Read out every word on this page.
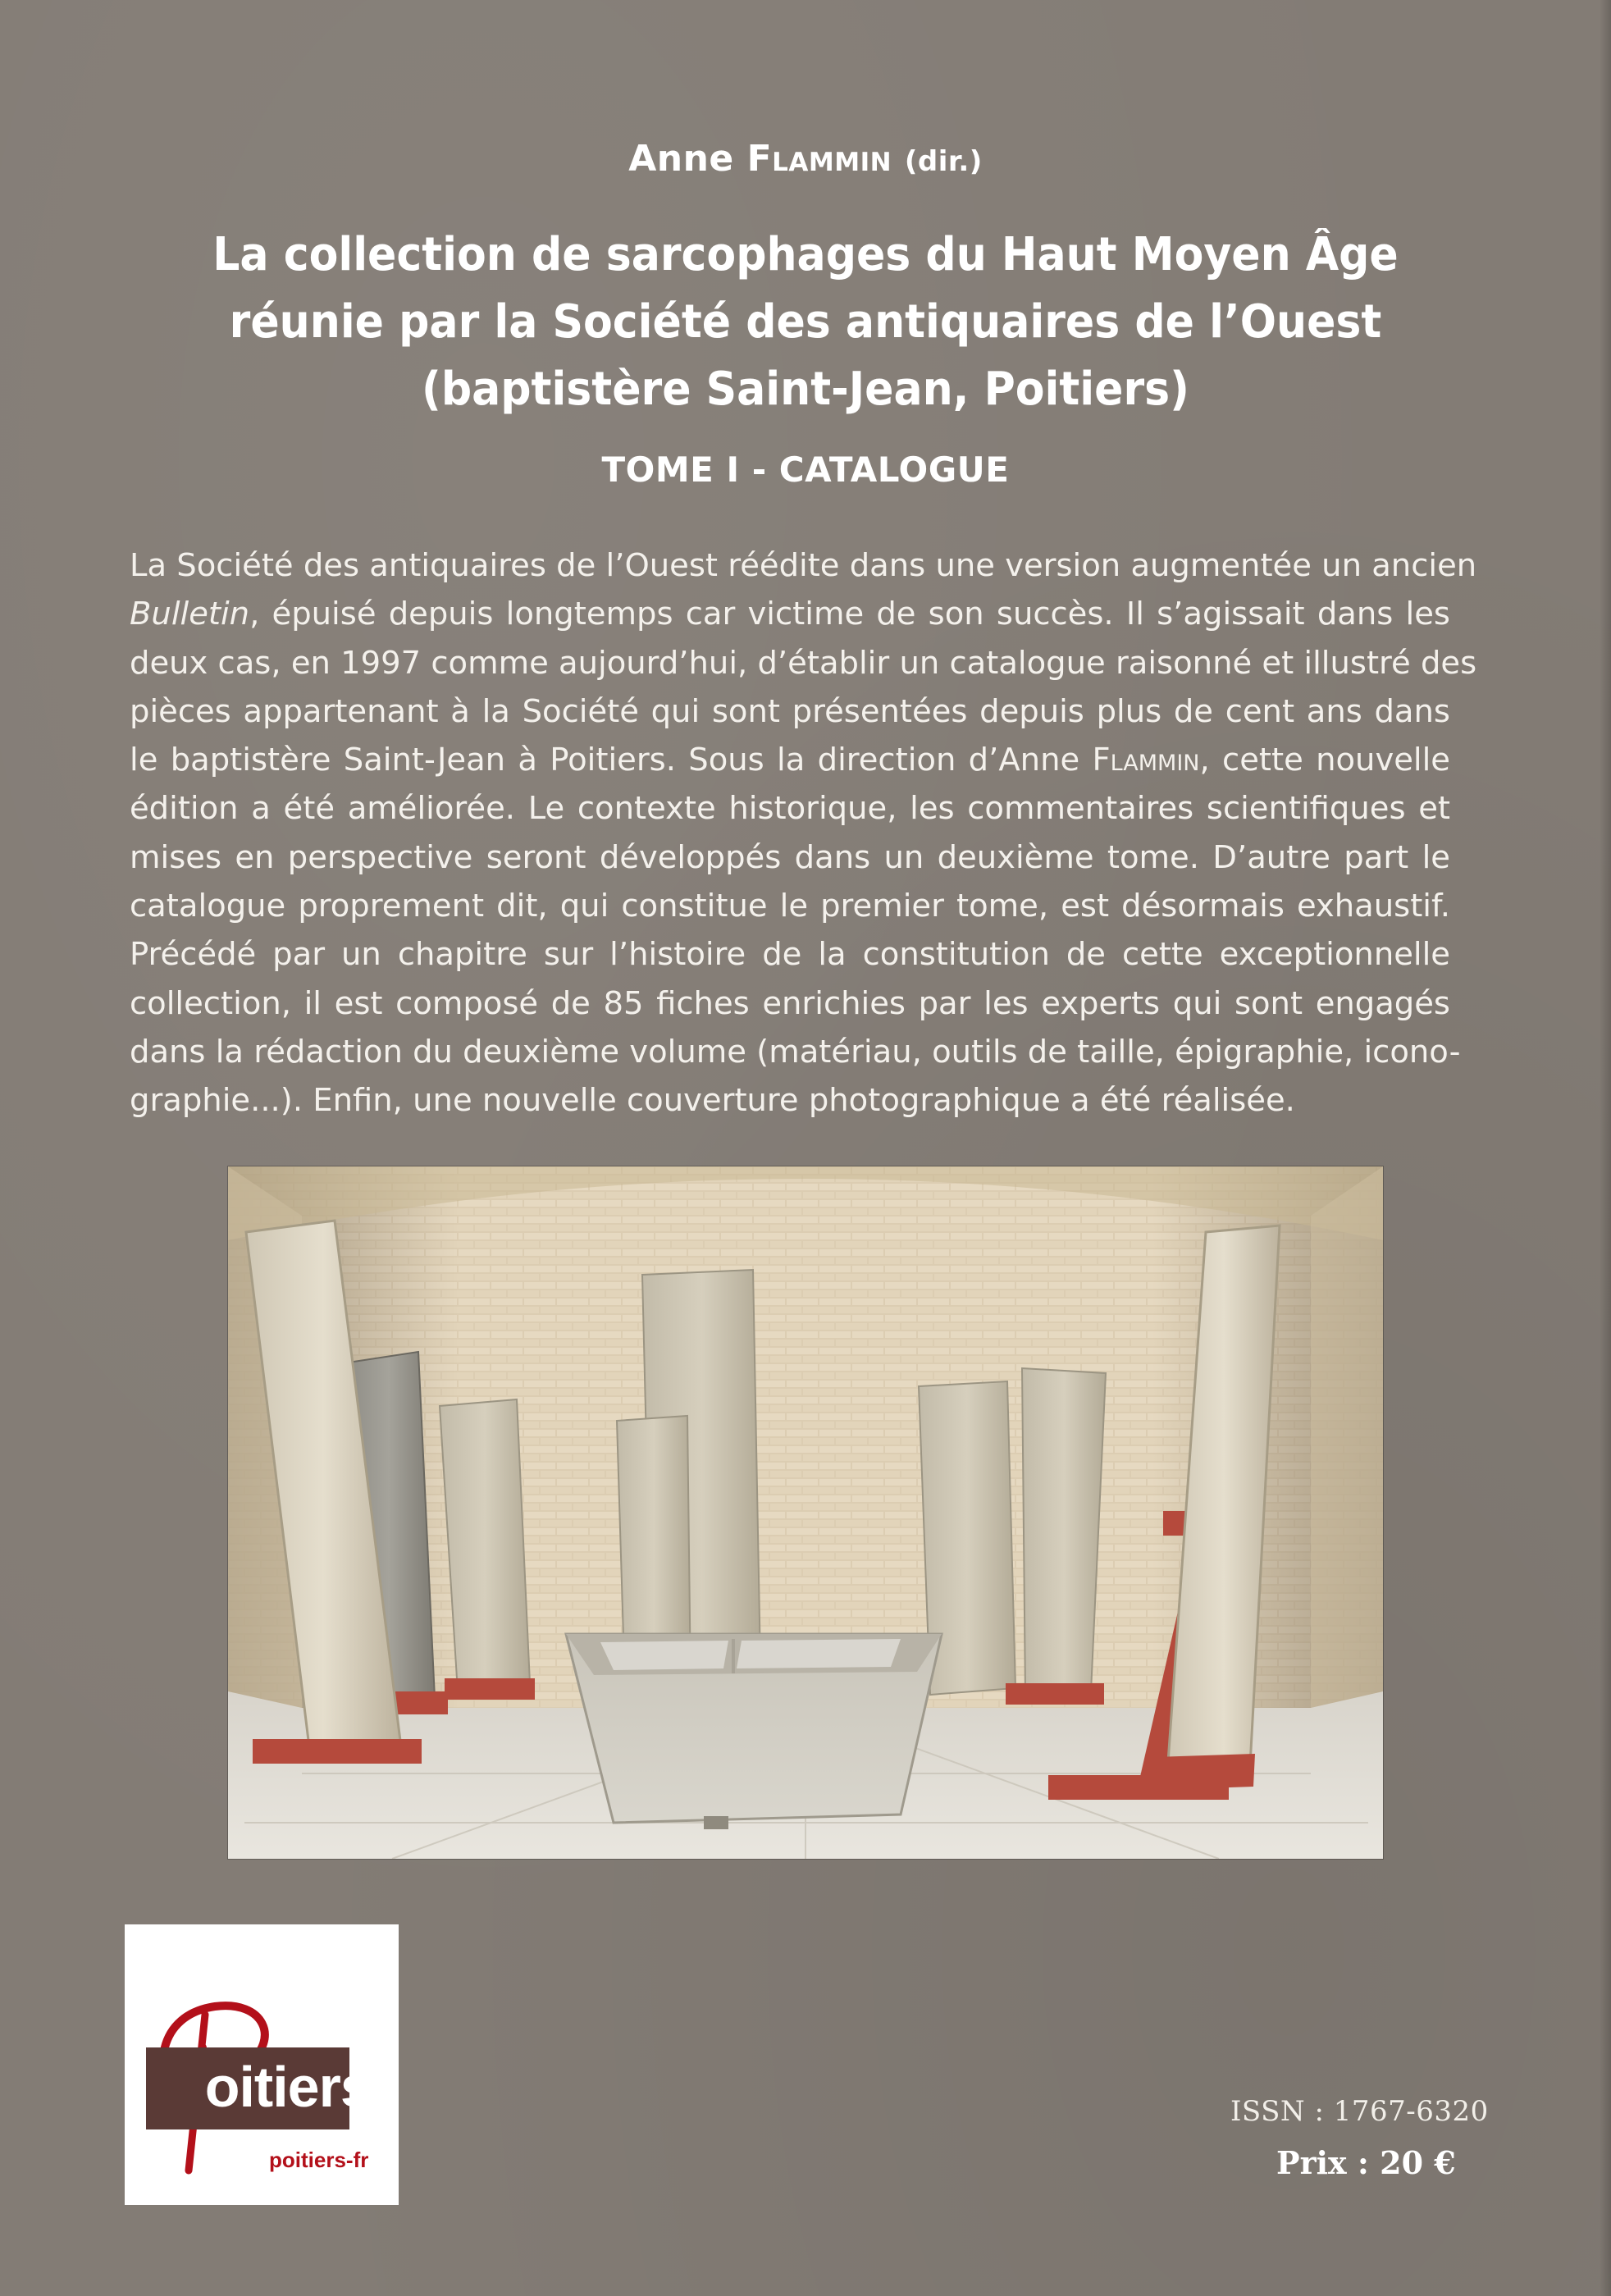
Anne Flammin (dir.)
La collection de sarcophages du Haut Moyen Âge
réunie par la Société des antiquaires de l’Ouest
(baptistère Saint-Jean, Poitiers)
TOME I - CATALOGUE
La Société des antiquaires de l’Ouest réédite dans une version augmentée un ancien
Bulletin, épuisé depuis longtemps car victime de son succès. Il s’agissait dans les
deux cas, en 1997 comme aujourd’hui, d’établir un catalogue raisonné et illustré des
pièces appartenant à la Société qui sont présentées depuis plus de cent ans dans
le baptistère Saint-Jean à Poitiers. Sous la direction d’Anne Flammin, cette nouvelle
édition a été améliorée. Le contexte historique, les commentaires scientifiques et
mises en perspective seront développés dans un deuxième tome. D’autre part le
catalogue proprement dit, qui constitue le premier tome, est désormais exhaustif.
Précédé par un chapitre sur l’histoire de la constitution de cette exceptionnelle
collection, il est composé de 85 fiches enrichies par les experts qui sont engagés
dans la rédaction du deuxième volume (matériau, outils de taille, épigraphie, icono-
graphie...). Enfin, une nouvelle couverture photographique a été réalisée.
oitiers
poitiers-fr
ISSN : 1767-6320
Prix : 20 €
